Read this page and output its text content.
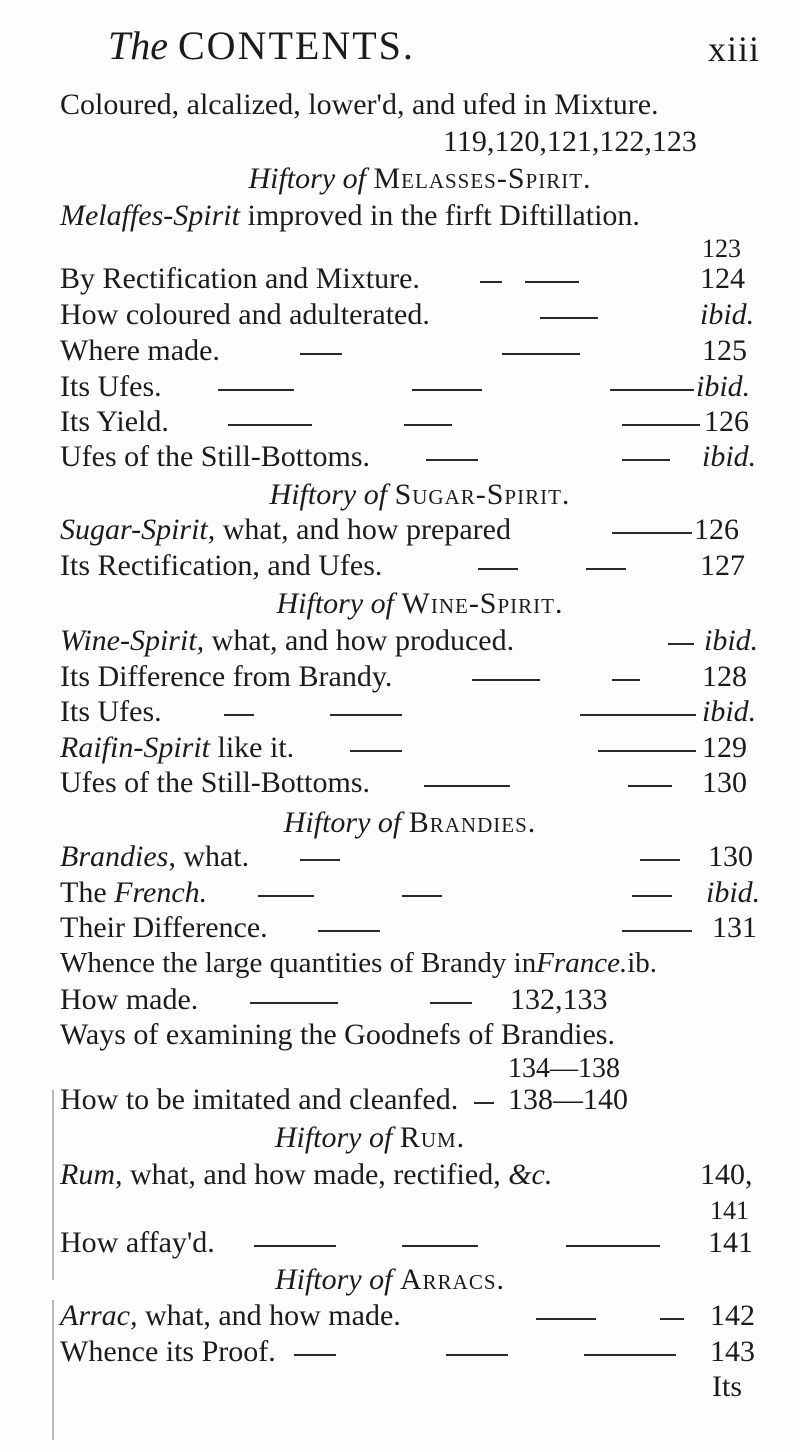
The CONTENTS.	xiii
Coloured, alcalized, lower'd, and ufed in Mixture.
119,120,121,122,123
Hiftory of Melasses-Spirit.
Melaffes-Spirit improved in the firft Diftillation.
123
By Rectification and Mixture.	124
How coloured and adulterated.	ibid.
Where made.	125
Its Ufes.	ibid.
Its Yield.	126
Ufes of the Still-Bottoms.	ibid.
Hiftory of Sugar-Spirit.
Sugar-Spirit, what, and how prepared	126
Its Rectification, and Ufes.	127
Hiftory of Wine-Spirit.
Wine-Spirit, what, and how produced.	ibid.
Its Difference from Brandy.	128
Its Ufes.	ibid.
Raifin-Spirit like it.	129
Ufes of the Still-Bottoms.	130
Hiftory of Brandies.
Brandies, what.	130
The French.	ibid.
Their Difference.	131
Whence the large quantities of Brandy inFrance.ib.
How made.	132,133
Ways of examining the Goodnefs of Brandies.
134—138
How to be imitated and cleanfed. 138—140
Hiftory of Rum.
Rum, what, and how made, rectified, &c.	140,
141
How affay'd.	141
Hiftory of Arracs.
Arrac, what, and how made.	142
Whence its Proof.	143
Its
